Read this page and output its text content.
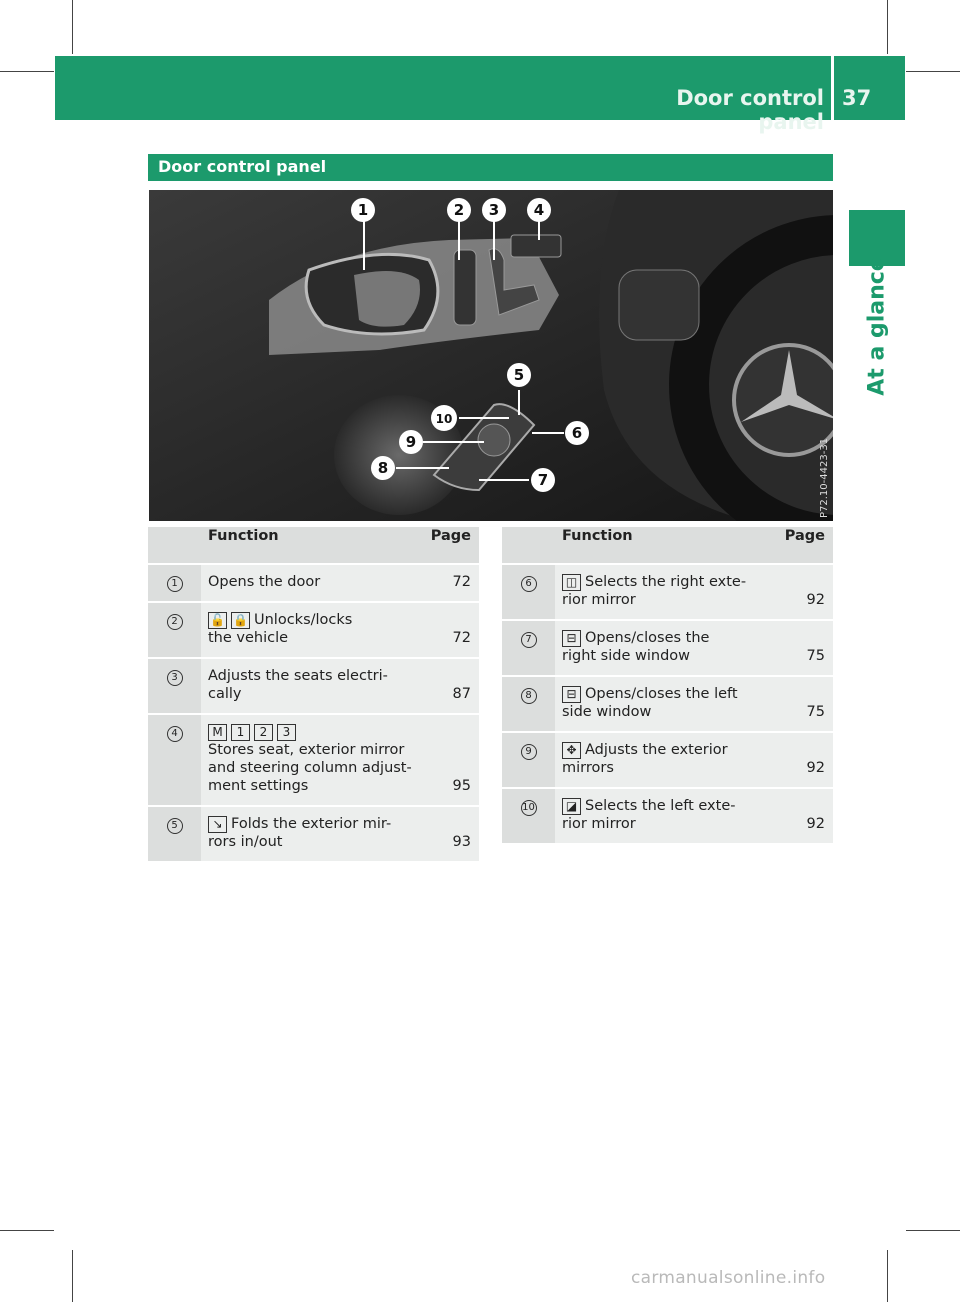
Door control panel
37
At a glance
Door control panel
1	2 3 4
5
6
7
8
9
10
P72.10-4423-31
	Function	Page
1	Opens the door	72
2	🔓 🔒 Unlocks/locks
the vehicle	72
3	Adjusts the seats electri-
cally	87
4	M 1 2 3
Stores seat, exterior mirror
and steering column adjust-
ment settings	95
5	↘ Folds the exterior mir-
rors in/out	93
	Function	Page
6	◫ Selects the right exte-
rior mirror	92
7	⊟ Opens/closes the
right side window	75
8	⊟ Opens/closes the left
side window	75
9	✥ Adjusts the exterior
mirrors	92
10	◪ Selects the left exte-
rior mirror	92
carmanualsonline.info
